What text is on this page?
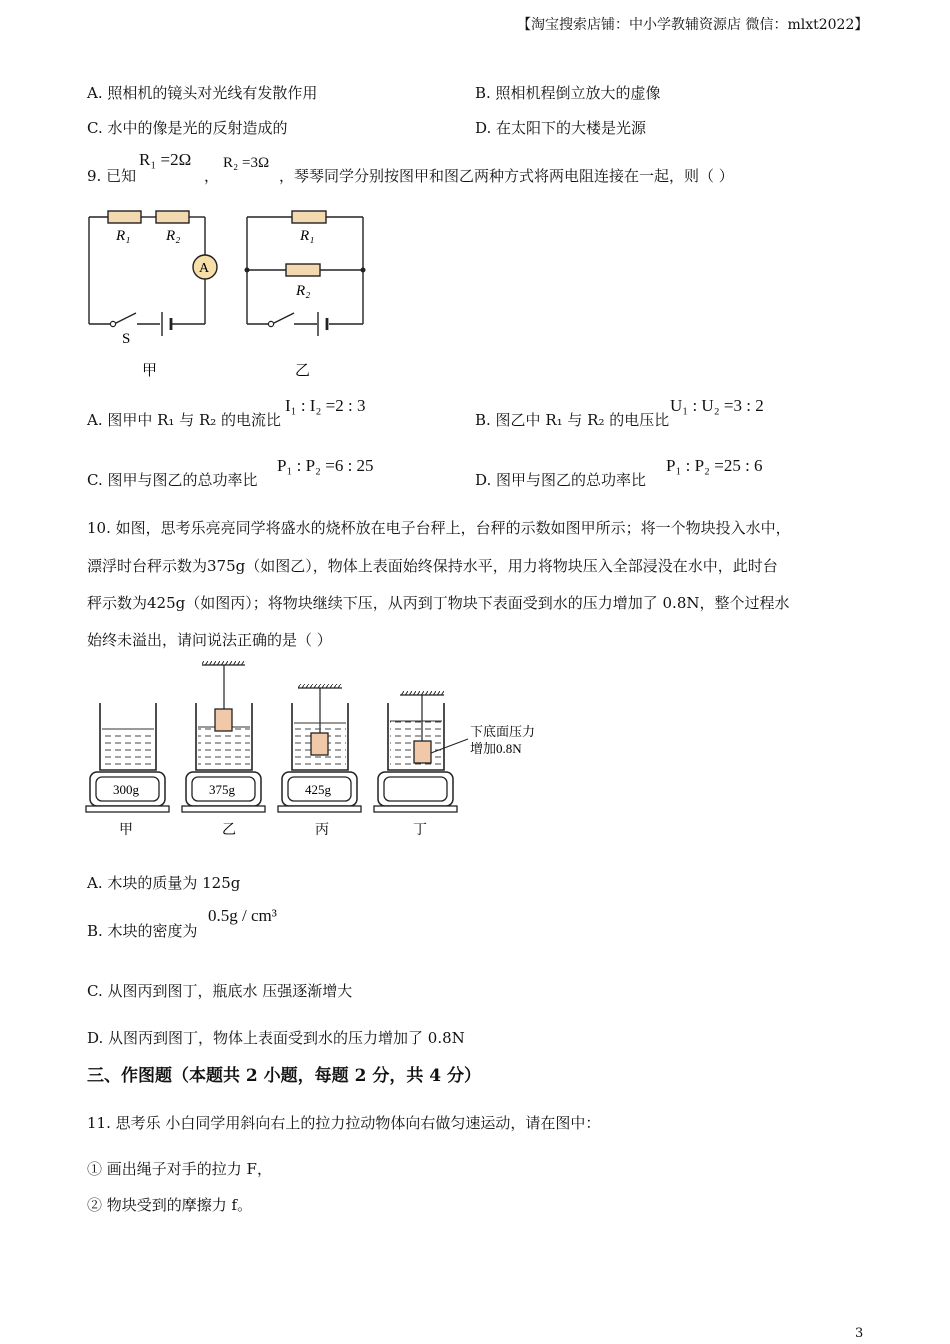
【淘宝搜索店铺：中小学教辅资源店 微信：mlxt2022】
A. 照相机的镜头对光线有发散作用	B. 照相机程倒立放大的虚像
C. 水中的像是光的反射造成的	D. 在太阳下的大楼是光源
9. 已知
R₁ =2Ω
，
R₂ =3Ω
，琴琴同学分别按图甲和图乙两种方式将两电阻连接在一起，则（ ）
R₁ R₂
A
S
R₁
R₂
甲	乙
A. 图甲中 R₁ 与 R₂ 的电流比
I₁ : I₂ =2 : 3
B. 图乙中 R₁ 与 R₂ 的电压比
U₁ : U₂ =3 : 2
C. 图甲与图乙的总功率比
P₁ : P₂ =6 : 25
D. 图甲与图乙的总功率比
P₁ : P₂ =25 : 6
10. 如图，思考乐亮亮同学将盛水的烧杯放在电子台秤上，台秤的示数如图甲所示；将一个物块投入水中，
漂浮时台秤示数为375g（如图乙），物体上表面始终保持水平，用力将物块压入全部浸没在水中，此时台
秤示数为425g（如图丙）；将物块继续下压，从丙到丁物块下表面受到水的压力增加了 0.8N，整个过程水
始终未溢出，请问说法正确的是（ ）
300g
甲
375g
乙
425g
丙
下底面压力
增加0.8N
丁
A. 木块的质量为 125g
B. 木块的密度为
0.5g / cm³
C. 从图丙到图丁，瓶底水 压强逐渐增大
D. 从图丙到图丁，物体上表面受到水的压力增加了 0.8N
三、作图题（本题共 2 小题，每题 2 分，共 4 分）
11. 思考乐 小白同学用斜向右上的拉力拉动物体向右做匀速运动，请在图中：
① 画出绳子对手的拉力 F，
② 物块受到的摩擦力 f。
3
